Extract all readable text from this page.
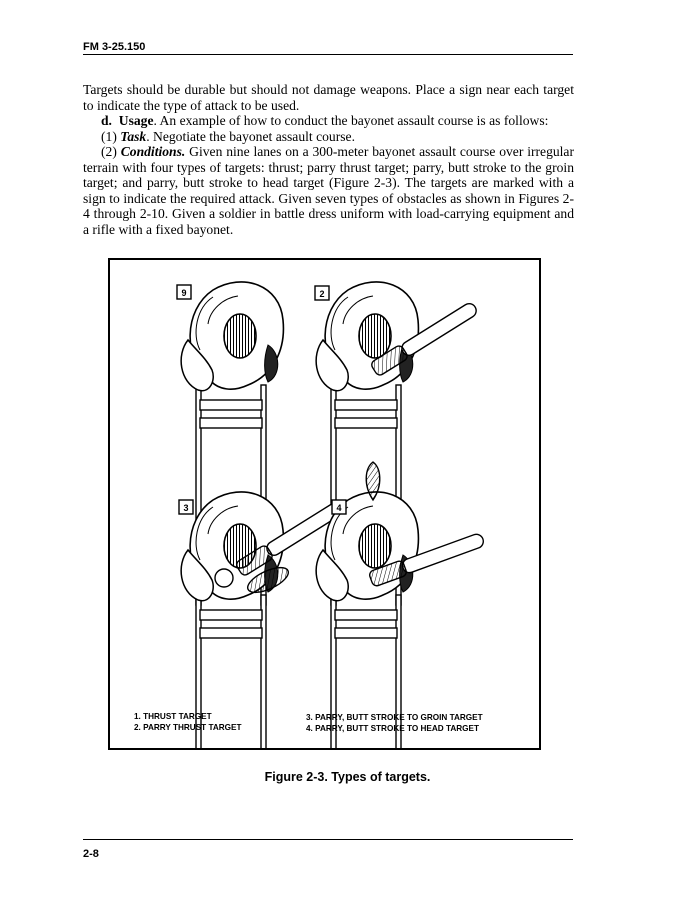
FM 3-25.150

Targets should be durable but should not damage weapons. Place a sign near each target to indicate the type of attack to be used.

d. Usage. An example of how to conduct the bayonet assault course is as follows:

(1) Task. Negotiate the bayonet assault course.

(2) Conditions. Given nine lanes on a 300-meter bayonet assault course over irregular terrain with four types of targets: thrust; parry thrust target; parry, butt stroke to the groin target; and parry, butt stroke to head target (Figure 2-3). The targets are marked with a sign to indicate the required attack. Given seven types of obstacles as shown in Figures 2-4 through 2-10. Given a soldier in battle dress uniform with load-carrying equipment and a rifle with a fixed bayonet.

9	2
3	4
1. THRUST TARGET
2. PARRY THRUST TARGET
3. PARRY, BUTT STROKE TO GROIN TARGET
4. PARRY, BUTT STROKE TO HEAD TARGET
Figure 2-3. Types of targets.
2-8
